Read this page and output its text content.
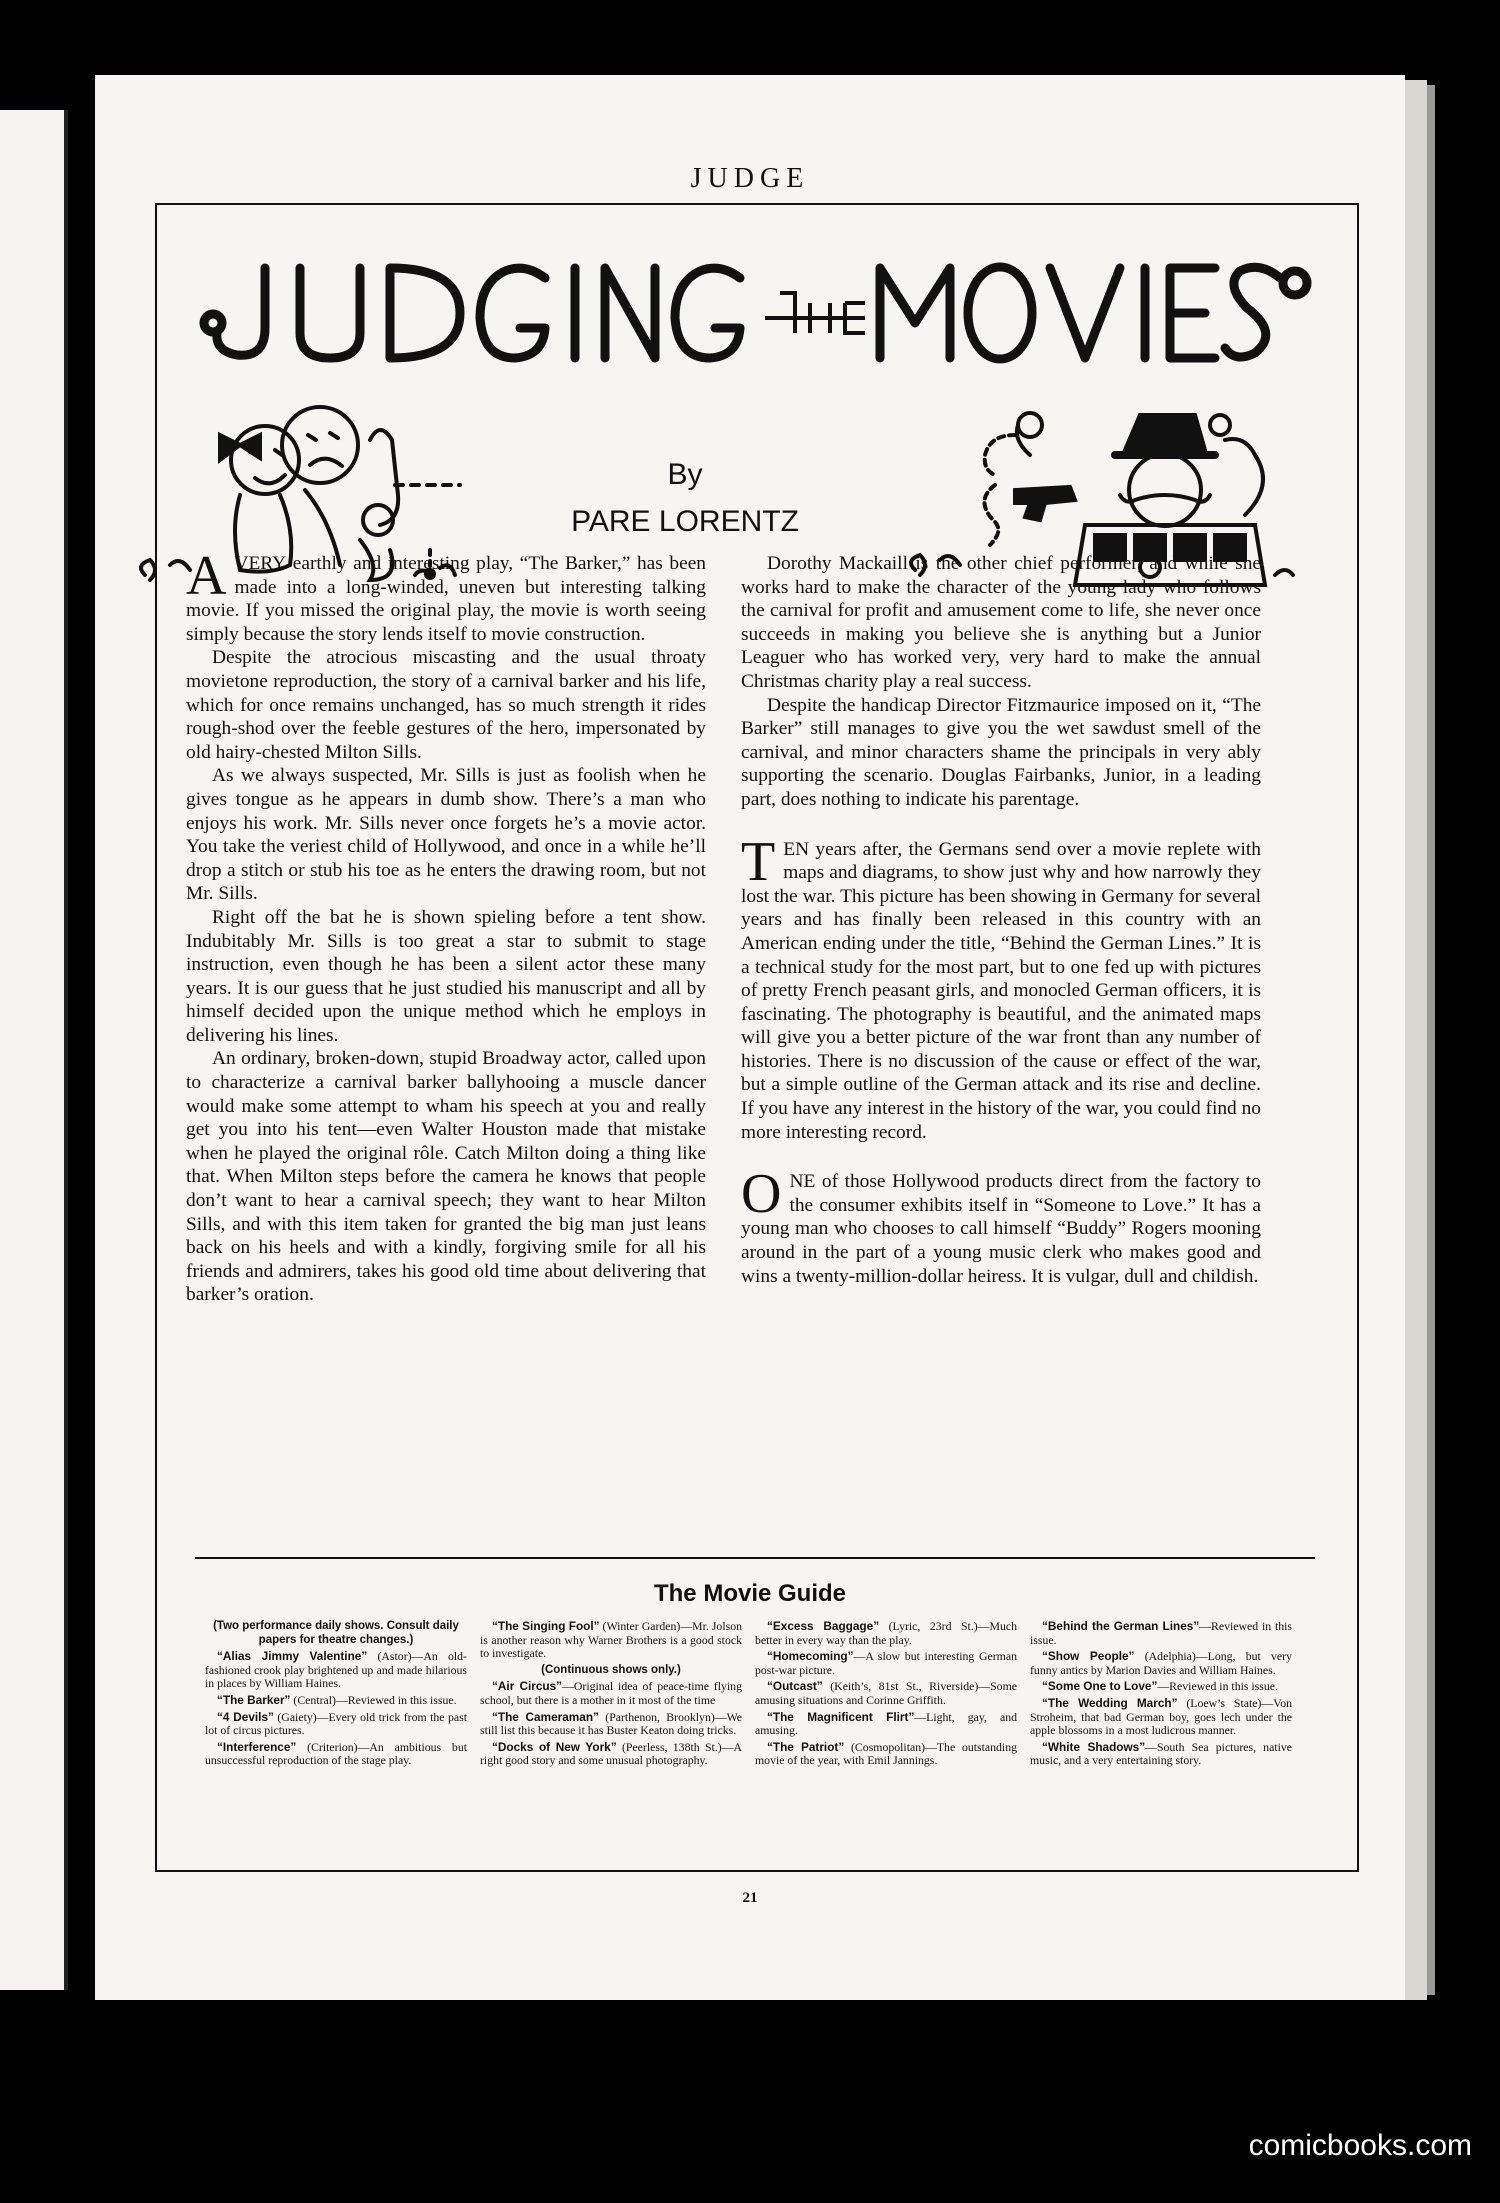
JUDGE
By
PARE LORENTZ

AVERY earthly and interesting play, “The Barker,” has been made into a long-winded, uneven but interesting talking movie. If you missed the original play, the movie is worth seeing simply because the story lends itself to movie construction.

Despite the atrocious miscasting and the usual throaty movietone reproduction, the story of a carnival barker and his life, which for once remains unchanged, has so much strength it rides rough-shod over the feeble gestures of the hero, impersonated by old hairy-chested Milton Sills.

As we always suspected, Mr. Sills is just as foolish when he gives tongue as he appears in dumb show. There’s a man who enjoys his work. Mr. Sills never once forgets he’s a movie actor. You take the veriest child of Hollywood, and once in a while he’ll drop a stitch or stub his toe as he enters the drawing room, but not Mr. Sills.

Right off the bat he is shown spieling before a tent show. Indubitably Mr. Sills is too great a star to submit to stage instruction, even though he has been a silent actor these many years. It is our guess that he just studied his manuscript and all by himself decided upon the unique method which he employs in delivering his lines.

An ordinary, broken-down, stupid Broadway actor, called upon to characterize a carnival barker ballyhooing a muscle dancer would make some attempt to wham his speech at you and really get you into his tent—even Walter Houston made that mistake when he played the original rôle. Catch Milton doing a thing like that. When Milton steps before the camera he knows that people don’t want to hear a carnival speech; they want to hear Milton Sills, and with this item taken for granted the big man just leans back on his heels and with a kindly, forgiving smile for all his friends and admirers, takes his good old time about delivering that barker’s oration.

Dorothy Mackaill is the other chief performer, and while she works hard to make the character of the young lady who follows the carnival for profit and amusement come to life, she never once succeeds in making you believe she is anything but a Junior Leaguer who has worked very, very hard to make the annual Christmas charity play a real success.

Despite the handicap Director Fitzmaurice imposed on it, “The Barker” still manages to give you the wet sawdust smell of the carnival, and minor characters shame the principals in very ably supporting the scenario. Douglas Fairbanks, Junior, in a leading part, does nothing to indicate his parentage.

TEN years after, the Germans send over a movie replete with maps and diagrams, to show just why and how narrowly they lost the war. This picture has been showing in Germany for several years and has finally been released in this country with an American ending under the title, “Behind the German Lines.” It is a technical study for the most part, but to one fed up with pictures of pretty French peasant girls, and monocled German officers, it is fascinating. The photography is beautiful, and the animated maps will give you a better picture of the war front than any number of histories. There is no discussion of the cause or effect of the war, but a simple outline of the German attack and its rise and decline. If you have any interest in the history of the war, you could find no more interesting record.

ONE of those Hollywood products direct from the factory to the consumer exhibits itself in “Someone to Love.” It has a young man who chooses to call himself “Buddy” Rogers mooning around in the part of a young music clerk who makes good and wins a twenty-million-dollar heiress. It is vulgar, dull and childish.

The Movie Guide

(Two performance daily shows. Consult daily papers for theatre changes.)

“Alias Jimmy Valentine” (Astor)—An old-fashioned crook play brightened up and made hilarious in places by William Haines.

“The Barker” (Central)—Reviewed in this issue.

“4 Devils” (Gaiety)—Every old trick from the past lot of circus pictures.

“Interference” (Criterion)—An ambitious but unsuccessful reproduction of the stage play.

“The Singing Fool” (Winter Garden)—Mr. Jolson is another reason why Warner Brothers is a good stock to investigate.

(Continuous shows only.)

“Air Circus”—Original idea of peace-time flying school, but there is a mother in it most of the time

“The Cameraman” (Parthenon, Brooklyn)—We still list this because it has Buster Keaton doing tricks.

“Docks of New York” (Peerless, 138th St.)—A right good story and some unusual photography.

“Excess Baggage” (Lyric, 23rd St.)—Much better in every way than the play.

“Homecoming”—A slow but interesting German post-war picture.

“Outcast” (Keith’s, 81st St., Riverside)—Some amusing situations and Corinne Griffith.

“The Magnificent Flirt”—Light, gay, and amusing.

“The Patriot” (Cosmopolitan)—The outstanding movie of the year, with Emil Jannings.

“Behind the German Lines”—Reviewed in this issue.

“Show People” (Adelphia)—Long, but very funny antics by Marion Davies and William Haines.

“Some One to Love”—Reviewed in this issue.

“The Wedding March” (Loew’s State)—Von Stroheim, that bad German boy, goes lech under the apple blossoms in a most ludicrous manner.

“White Shadows”—South Sea pictures, native music, and a very entertaining story.

21
comicbooks.com
